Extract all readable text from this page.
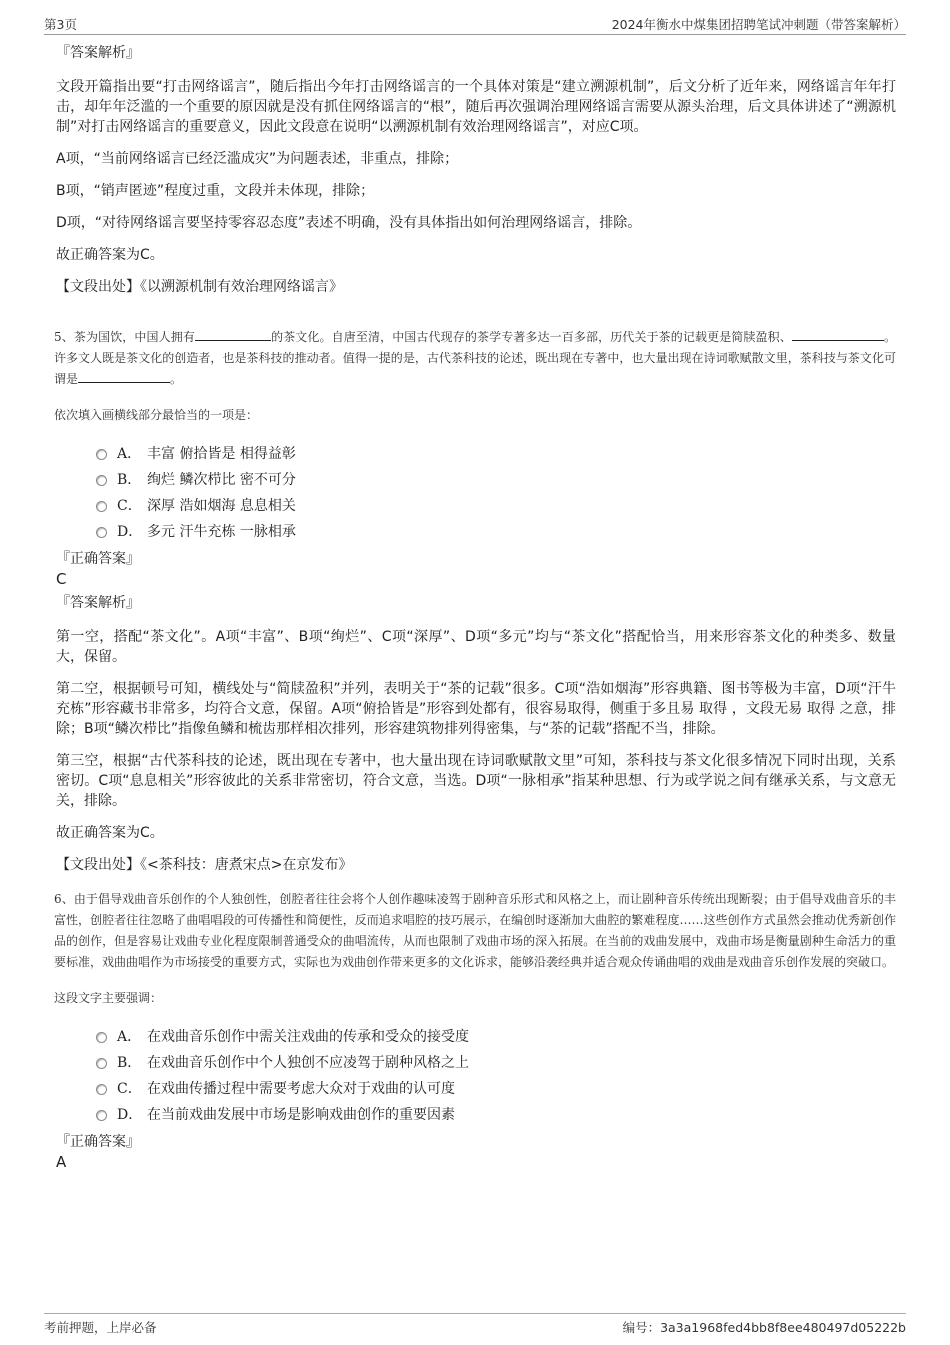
第3页	2024年衡水中煤集团招聘笔试冲刺题（带答案解析）
『答案解析』
文段开篇指出要“打击网络谣言”，随后指出今年打击网络谣言的一个具体对策是“建立溯源机制”，后文分析了近年来，网络谣言年年打击，却年年泛滥的一个重要的原因就是没有抓住网络谣言的“根”，随后再次强调治理网络谣言需要从源头治理，后文具体讲述了“溯源机制”对打击网络谣言的重要意义，因此文段意在说明“以溯源机制有效治理网络谣言”，对应C项。
A项，“当前网络谣言已经泛滥成灾”为问题表述，非重点，排除；
B项，“销声匿迹”程度过重，文段并未体现，排除；
D项，“对待网络谣言要坚持零容忍态度”表述不明确，没有具体指出如何治理网络谣言，排除。
故正确答案为C。
【文段出处】《以溯源机制有效治理网络谣言》
5、茶为国饮，中国人拥有	的茶文化。自唐至清，中国古代现存的茶学专著多达一百多部，历代关于茶的记载更是简牍盈积、	。许多文人既是茶文化的创造者，也是茶科技的推动者。值得一提的是，古代茶科技的论述，既出现在专著中，也大量出现在诗词歌赋散文里，茶科技与茶文化可谓是	。
依次填入画横线部分最恰当的一项是：
A． 丰富 俯拾皆是 相得益彰
B． 绚烂 鳞次栉比 密不可分
C． 深厚 浩如烟海 息息相关
D． 多元 汗牛充栋 一脉相承
『正确答案』
C
『答案解析』
第一空，搭配“茶文化”。A项“丰富”、B项“绚烂”、C项“深厚”、D项“多元”均与“茶文化”搭配恰当，用来形容茶文化的种类多、数量大，保留。
第二空，根据顿号可知，横线处与“简牍盈积”并列，表明关于“茶的记载”很多。C项“浩如烟海”形容典籍、图书等极为丰富，D项“汗牛充栋”形容藏书非常多，均符合文意，保留。A项“俯拾皆是”形容到处都有，很容易取得，侧重于多且易 取得 ，文段无易 取得 之意，排除；B项“鳞次栉比”指像鱼鳞和梳齿那样相次排列，形容建筑物排列得密集，与“茶的记载”搭配不当，排除。
第三空，根据“古代茶科技的论述，既出现在专著中，也大量出现在诗词歌赋散文里”可知，茶科技与茶文化很多情况下同时出现，关系密切。C项“息息相关”形容彼此的关系非常密切，符合文意，当选。D项“一脉相承”指某种思想、行为或学说之间有继承关系，与文意无关，排除。
故正确答案为C。
【文段出处】《<茶科技：唐煮宋点>在京发布》
6、由于倡导戏曲音乐创作的个人独创性，创腔者往往会将个人创作趣味凌驾于剧种音乐形式和风格之上，而让剧种音乐传统出现断裂；由于倡导戏曲音乐的丰富性，创腔者往往忽略了曲唱唱段的可传播性和简便性，反而追求唱腔的技巧展示，在编创时逐渐加大曲腔的繁难程度……这些创作方式虽然会推动优秀新创作品的创作，但是容易让戏曲专业化程度限制普通受众的曲唱流传，从而也限制了戏曲市场的深入拓展。在当前的戏曲发展中，戏曲市场是衡量剧种生命活力的重要标准，戏曲曲唱作为市场接受的重要方式，实际也为戏曲创作带来更多的文化诉求，能够沿袭经典并适合观众传诵曲唱的戏曲是戏曲音乐创作发展的突破口。
这段文字主要强调：
A． 在戏曲音乐创作中需关注戏曲的传承和受众的接受度
B． 在戏曲音乐创作中个人独创不应凌驾于剧种风格之上
C． 在戏曲传播过程中需要考虑大众对于戏曲的认可度
D． 在当前戏曲发展中市场是影响戏曲创作的重要因素
『正确答案』
A
考前押题，上岸必备	编号：3a3a1968fed4bb8f8ee480497d05222b
